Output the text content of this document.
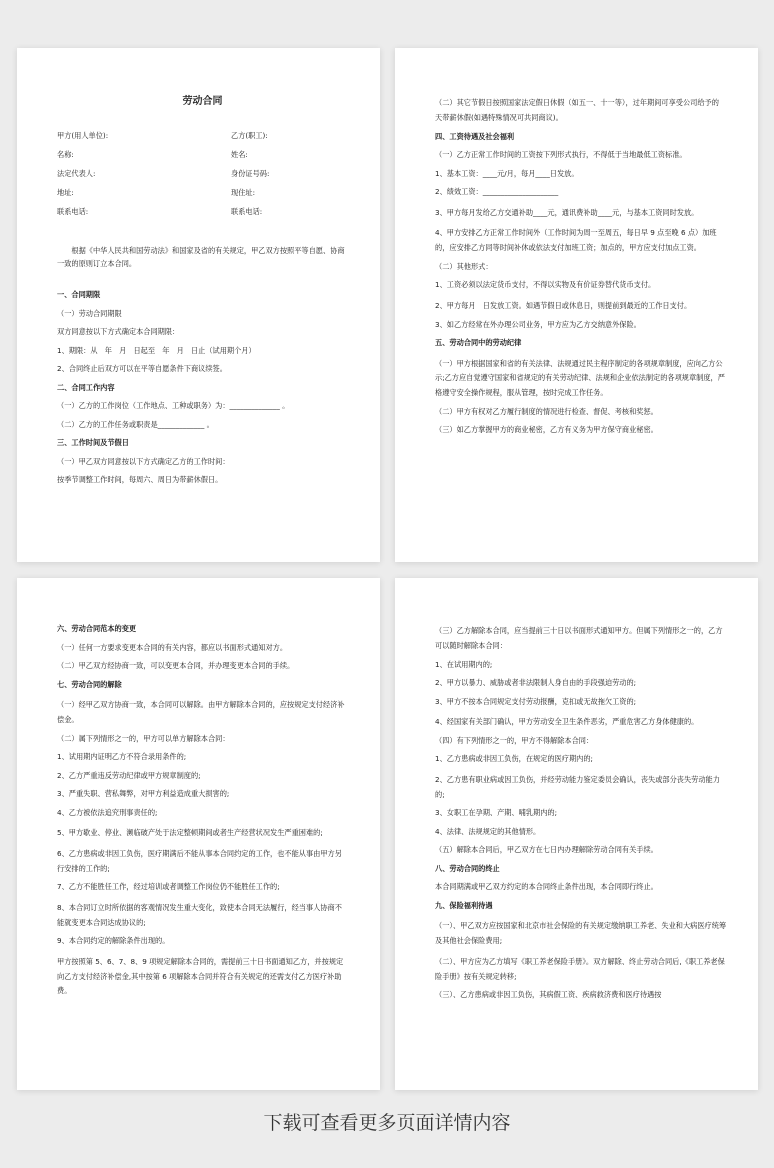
劳动合同
甲方(用人单位):	乙方(职工):
名称:	姓名:
法定代表人:	身份证号码:
地址:	现住址:
联系电话:	联系电话:
根据《中华人民共和国劳动法》和国家及省的有关规定，甲乙双方按照平等自愿、协商一致的原则订立本合同。
一、合同期限
（一）劳动合同期限
双方同意按以下方式确定本合同期限：
1、期限：从　年　月　日起至　年　月　日止（试用期个月）
2、合同终止后双方可以在平等自愿条件下商议续签。
二、合同工作内容
（一）乙方的工作岗位（工作地点、工种或职务）为：______________ 。
（二）乙方的工作任务或职责是_____________ 。
三、工作时间及节假日
（一）甲乙双方同意按以下方式确定乙方的工作时间：
按季节调整工作时间，每周六、周日为带薪休假日。
（二）其它节假日按照国家法定假日休假（如五一、十一等），过年期间可享受公司给予的　天带薪休假(如遇特殊情况可共同商议)。
四、工资待遇及社会福利
（一）乙方正常工作时间的工资按下列形式执行，不得低于当地最低工资标准。
1、基本工资：____元/月，每月____日发放。
2、绩效工资：_____________________
3、甲方每月发给乙方交通补助____元，通讯费补助____元，与基本工资同时发放。
4、甲方安排乙方正常工作时间外（工作时间为周一至周五，每日早 9 点至晚 6 点）加班的，应安排乙方同等时间补休或依法支付加班工资；加点的，甲方应支付加点工资。
（二）其他形式：
1、工资必须以法定货币支付，不得以实物及有价证券替代货币支付。
2、甲方每月　日发放工资。如遇节假日或休息日，则提前到最近的工作日支付。
3、如乙方经常在外办理公司业务，甲方应为乙方交纳意外保险。
五、劳动合同中的劳动纪律
（一）甲方根据国家和省的有关法律、法规通过民主程序制定的各项规章制度，应向乙方公示;乙方应自觉遵守国家和省规定的有关劳动纪律、法规和企业依法制定的各项规章制度，严格遵守安全操作规程，服从管理，按时完成工作任务。
（二）甲方有权对乙方履行制度的情况进行检查、督促、考核和奖惩。
（三）如乙方掌握甲方的商业秘密，乙方有义务为甲方保守商业秘密。
六、劳动合同范本的变更
（一）任何一方要求变更本合同的有关内容，都应以书面形式通知对方。
（二）甲乙双方经协商一致，可以变更本合同，并办理变更本合同的手续。
七、劳动合同的解除
（一）经甲乙双方协商一致，本合同可以解除。由甲方解除本合同的，应按规定支付经济补偿金。
（二）属下列情形之一的，甲方可以单方解除本合同：
1、试用期内证明乙方不符合录用条件的;
2、乙方严重违反劳动纪律或甲方规章制度的;
3、严重失职、营私舞弊，对甲方利益造成重大损害的;
4、乙方被依法追究刑事责任的;
5、甲方歇业、停业、濒临破产处于法定整顿期间或者生产经营状况发生严重困难的;
6、乙方患病或非因工负伤，医疗期满后不能从事本合同约定的工作，也不能从事由甲方另行安排的工作的;
7、乙方不能胜任工作，经过培训或者调整工作岗位仍不能胜任工作的;
8、本合同订立时所依据的客观情况发生重大变化，致使本合同无法履行，经当事人协商不能就变更本合同达成协议的;
9、本合同约定的解除条件出现的。
甲方按照第 5、6、7、8、9 项规定解除本合同的，需提前三十日书面通知乙方，并按规定向乙方支付经济补偿金,其中按第 6 项解除本合同并符合有关规定的还需支付乙方医疗补助费。
（三）乙方解除本合同，应当提前三十日以书面形式通知甲方。但属下列情形之一的，乙方可以随时解除本合同：
1、在试用期内的;
2、甲方以暴力、威胁或者非法限制人身自由的手段强迫劳动的;
3、甲方不按本合同规定支付劳动报酬，克扣或无故拖欠工资的;
4、经国家有关部门确认，甲方劳动安全卫生条件恶劣，严重危害乙方身体健康的。
（四）有下列情形之一的，甲方不得解除本合同：
1、乙方患病或非因工负伤，在规定的医疗期内的;
2、乙方患有职业病或因工负伤，并经劳动能力鉴定委员会确认，丧失或部分丧失劳动能力的;
3、女职工在孕期、产期、哺乳期内的;
4、法律、法规规定的其他情形。
（五）解除本合同后，甲乙双方在七日内办理解除劳动合同有关手续。
八、劳动合同的终止
本合同期满或甲乙双方约定的本合同终止条件出现，本合同即行终止。
九、保险福利待遇
（一）、甲乙双方应按国家和北京市社会保险的有关规定缴纳职工养老、失业和大病医疗统筹及其他社会保险费用;
（二）、甲方应为乙方填写《职工养老保险手册》。双方解除、终止劳动合同后,《职工养老保险手册》按有关规定转移;
（三）、乙方患病或非因工负伤，其病假工资、疾病救济费和医疗待遇按
下载可查看更多页面详情内容
